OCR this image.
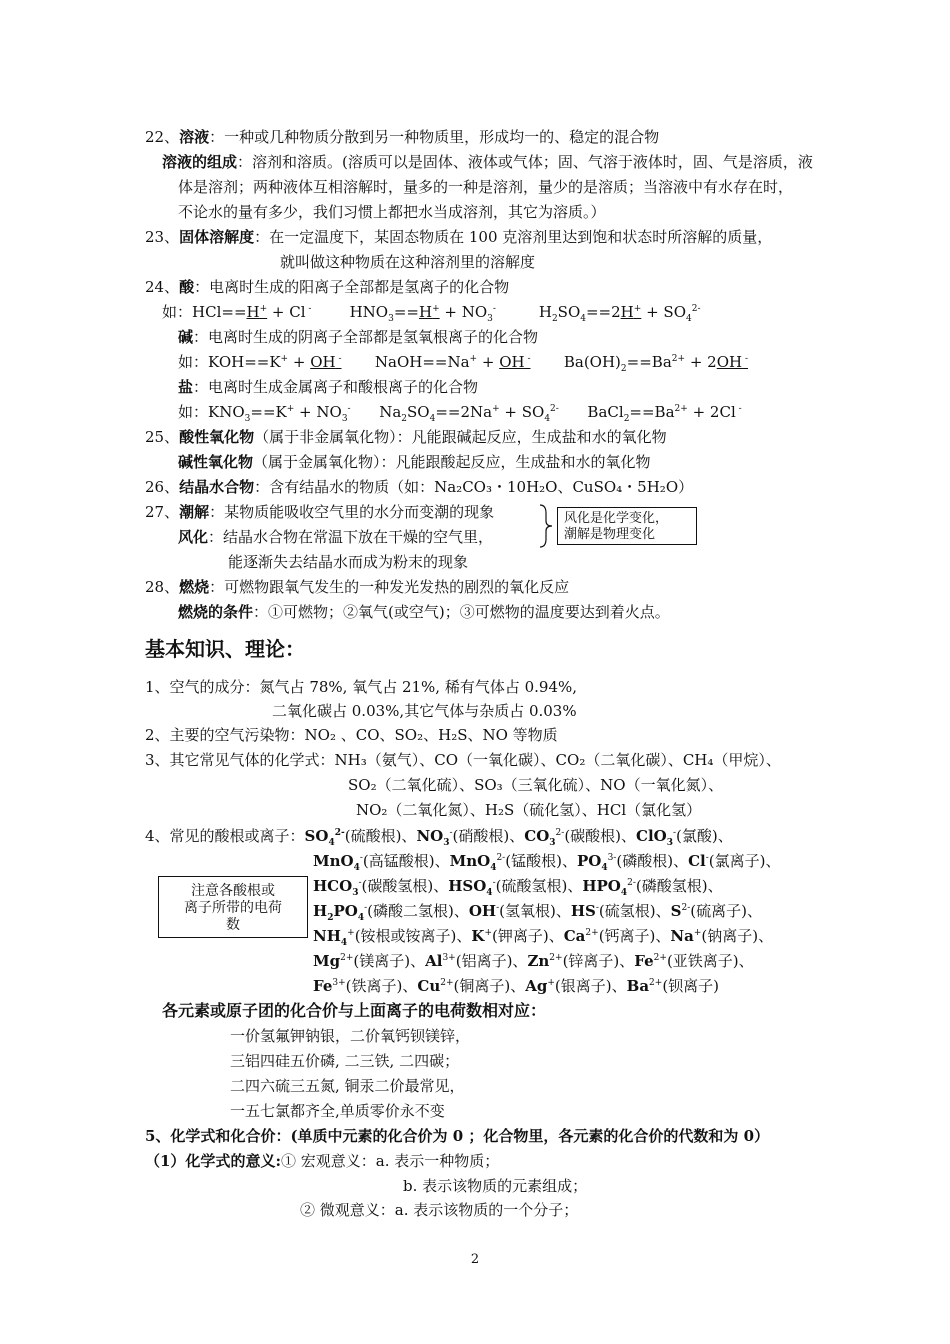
22、溶液：一种或几种物质分散到另一种物质里，形成均一的、稳定的混合物
溶液的组成：溶剂和溶质。(溶质可以是固体、液体或气体；固、气溶于液体时，固、气是溶质，液
体是溶剂；两种液体互相溶解时，量多的一种是溶剂，量少的是溶质；当溶液中有水存在时，
不论水的量有多少，我们习惯上都把水当成溶剂，其它为溶质。）
23、固体溶解度：在一定温度下，某固态物质在 100 克溶剂里达到饱和状态时所溶解的质量，
就叫做这种物质在这种溶剂里的溶解度
24、酸：电离时生成的阳离子全部都是氢离子的化合物
如：HCl==H+ + Cl -        $HNO_3==H^+ + NO_3^-$         $H_2SO_4==2H^+ + SO_4^{2-}$
碱：电离时生成的阴离子全部都是氢氧根离子的化合物
如：KOH==K+ + OH -       NaOH==Na+ + OH -       $Ba(OH)_2==Ba^{2+} + 2OH$ -
盐：电离时生成金属离子和酸根离子的化合物
如：$KNO_3==K^+ + NO_3^-$      $Na_2SO_4==2Na^+ + SO_4^{2-}$      $BaCl_2==Ba^{2+} + 2Cl$ -
25、酸性氧化物（属于非金属氧化物）：凡能跟碱起反应，生成盐和水的氧化物
碱性氧化物（属于金属氧化物）：凡能跟酸起反应，生成盐和水的氧化物
26、结晶水合物：含有结晶水的物质（如：Na₂CO₃・10H₂O、CuSO₄・5H₂O）
27、潮解：某物质能吸收空气里的水分而变潮的现象
风化：结晶水合物在常温下放在干燥的空气里，
能逐渐失去结晶水而成为粉末的现象
风化是化学变化，
潮解是物理变化
28、燃烧：可燃物跟氧气发生的一种发光发热的剧烈的氧化反应
燃烧的条件：①可燃物；②氧气(或空气)；③可燃物的温度要达到着火点。
基本知识、理论：
1、空气的成分：氮气占 78%, 氧气占 21%, 稀有气体占 0.94%,
二氧化碳占 0.03%,其它气体与杂质占 0.03%
2、主要的空气污染物：NO₂ 、CO、SO₂、H₂S、NO 等物质
3、其它常见气体的化学式：NH₃（氨气）、CO（一氧化碳）、CO₂（二氧化碳）、CH₄（甲烷）、
SO₂（二氧化硫）、SO₃（三氧化硫）、NO（一氧化氮）、
NO₂（二氧化氮）、H₂S（硫化氢）、HCl（氯化氢）
4、常见的酸根或离子：$SO_4^{2-}$(硫酸根)、$NO_3^-$(硝酸根)、$CO_3^{2-}$(碳酸根)、ClO$_3$-(氯酸)、
MnO$_4$-(高锰酸根)、MnO$_4^{2-}$(锰酸根)、$PO_4^{3-}$(磷酸根)、Cl-(氯离子)、
$HCO_3^-$(碳酸氢根)、$HSO_4^-$(硫酸氢根)、$HPO_4^{2-}$(磷酸氢根)、
$H_2PO_4^-$(磷酸二氢根)、OH-(氢氧根)、HS-(硫氢根)、$S^{2-}$(硫离子)、
$NH_4^+$(铵根或铵离子)、K+(钾离子)、$Ca^{2+}$(钙离子)、Na+(钠离子)、
$Mg^{2+}$(镁离子)、$Al^{3+}$(铝离子)、$Zn^{2+}$(锌离子)、$Fe^{2+}$(亚铁离子)、
$Fe^{3+}$(铁离子)、$Cu^{2+}$(铜离子)、Ag+(银离子)、$Ba^{2+}$(钡离子)
注意各酸根或
离子所带的电荷
数
各元素或原子团的化合价与上面离子的电荷数相对应：
一价氢氟钾钠银，二价氧钙钡镁锌，
三铝四硅五价磷, 二三铁, 二四碳；
二四六硫三五氮, 铜汞二价最常见，
一五七氯都齐全,单质零价永不变
5、化学式和化合价：(单质中元素的化合价为 0 ；化合物里，各元素的化合价的代数和为 0）
（1）化学式的意义:① 宏观意义：a. 表示一种物质；
b. 表示该物质的元素组成；
② 微观意义：a. 表示该物质的一个分子；
2
